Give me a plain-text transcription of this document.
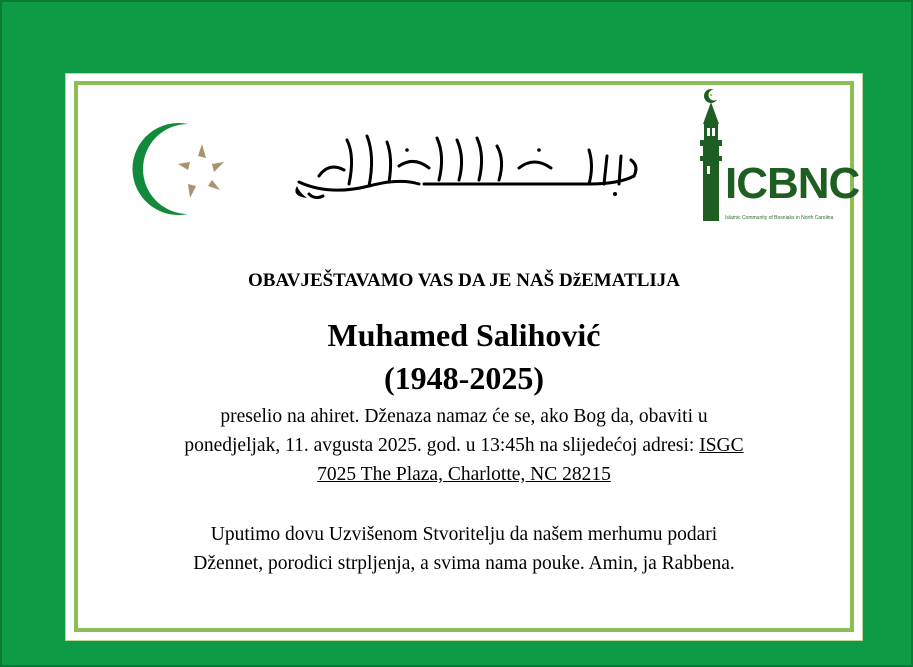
ICBNC
Islamic Community of Bosniaks in North Carolina
OBAVJEŠTAVAMO VAS DA JE NAŠ DžEMATLIJA
Muhamed Salihović
(1948-2025)
preselio na ahiret. Dženaza namaz će se, ako Bog da, obaviti u
ponedjeljak, 11. avgusta 2025. god. u 13:45h na slijedećoj adresi: ISGC
7025 The Plaza, Charlotte, NC 28215
Uputimo dovu Uzvišenom Stvoritelju da našem merhumu podari
Džennet, porodici strpljenja, a svima nama pouke. Amin, ja Rabbena.
